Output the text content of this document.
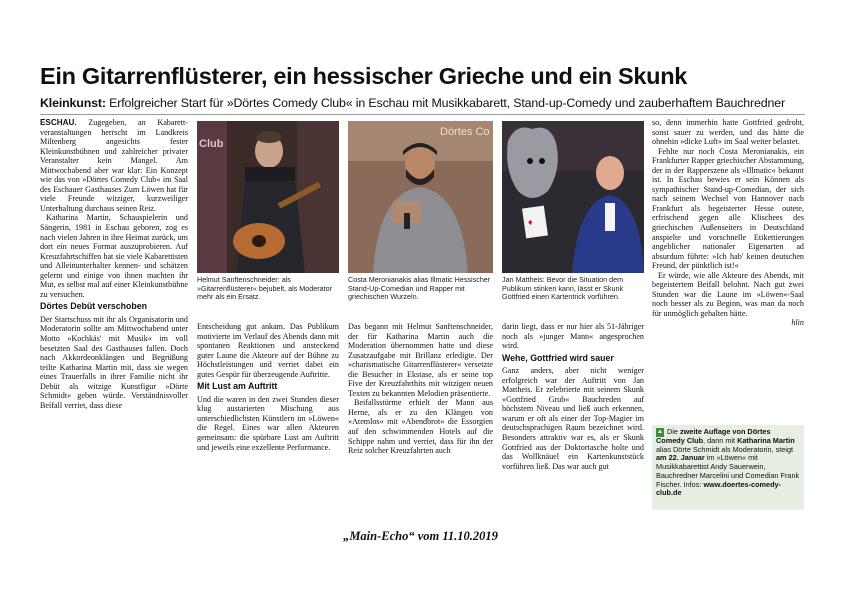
Ein Gitarrenflüsterer, ein hessischer Grieche und ein Skunk
Kleinkunst: Erfolgreicher Start für »Dörtes Comedy Club« in Eschau mit Musikkabarett, Stand-up-Comedy und zauberhaftem Bauchredner

ESCHAU. Zugegeben, an Kabarett-veranstaltungen herrscht im Landkreis Miltenberg angesichts fester Kleinkunstbühnen und zahlreicher privater Veranstalter kein Mangel. Am Mittwochabend aber war klar: Ein Konzept wie das von »Dörtes Comedy Club« im Saal des Eschauer Gasthauses Zum Löwen hat für viele Freunde witziger, kurzweiliger Unterhaltung durchaus seinen Reiz.

Katharina Martin, Schauspielerin und Sängerin, 1981 in Eschau geboren, zog es nach vielen Jahren in ihre Heimat zurück, um dort ein neues Format auszuprobieren. Auf Kreuzfahrtschiffen hat sie viele Kabarettisten und Alleinunterhalter kennen- und schätzen gelernt und einige von ihnen machten ihr Mut, es selbst mal auf einer Kleinkunstbühne zu versuchen.

Dörtes Debüt verschoben

Der Startschuss mit ihr als Organisatorin und Moderatorin sollte am Mittwochabend unter Motto »Kochkäs' mit Musik« im voll besetzten Saal des Gasthauses fallen. Doch nach Akkordeonklängen und Begrüßung teilte Katharina Martin mit, dass sie wegen eines Trauerfalls in ihrer Familie nicht ihr Debüt als witzige Kunstfigur »Dörte Schmidt« geben würde. Verständnisvoller Beifall verriet, dass diese

Club
Helmut Sanftenschneider: als »Gitarrenflüsterer« bejubelt, als Moderator mehr als ein Ersatz.
Dörtes Co
Costa Meronianakis alias Illmatic Hessischer Stand-Up-Comedian und Rapper mit griechischen Wurzeln.
♦
Jan Mattheis: Bevor die Situation dem Publikum stinken kann, lässt er Skunk Gottfried einen Kartentrick vorführen.

Entscheidung gut ankam. Das Publikum motivierte im Verlauf des Abends dann mit spontanen Reaktionen und ansteckend guter Laune die Akteure auf der Bühne zu Höchstleistungen und verriet dabei ein gutes Gespür für überzeugende Auftritte.

Mit Lust am Auftritt

Und die waren in den zwei Stunden dieser klug austarierten Mischung aus unterschiedlichsten Künstlern im »Löwen« die Regel. Eines war allen Akteuren gemeinsam: die spürbare Lust am Auftritt und jeweils eine exzellente Performance.

Das begann mit Helmut Sanftenschneider, der für Katharina Martin auch die Moderation übernommen hatte und diese Zusatzaufgabe mit Brillanz erledigte. Der »charismatische Gitarrenflüsterer« versetzte die Besucher in Ekstase, als er seine top Five der Kreuzfahrthits mit witzigen neuen Texten zu bekannten Melodien präsentierte.

Beifallsstürme erhielt der Mann aus Herne, als er zu den Klängen von »Atemlos« mit »Abendbrot« die Essorgien auf den schwimmenden Hotels auf die Schippe nahm und verriet, dass für ihn der Reiz solcher Kreuzfahrten auch

darin liegt, dass er nur hier als 51-Jähriger noch als »junger Mann« angesprochen wird.

Wehe, Gottfried wird sauer

Ganz anders, aber nicht weniger erfolgreich war der Auftritt von Jan Mattheis. Er zelebrierte mit seinem Skunk »Gottfried Grub« Bauchreden auf höchstem Niveau und ließ auch erkennen, warum er oft als einer der Top-Magier im deutschsprachigen Raum bezeichnet wird. Besonders attraktiv war es, als er Skunk Gottfried aus der Doktortasche holte und das Wollknäuel ein Kartenkunststück vorführen ließ. Das war auch gut

so, denn immerhin hatte Gottfried gedroht, sonst sauer zu werden, und das hätte die ohnehin »dicke Luft« im Saal weiter belastet.

Fehlte nur noch Costa Meronianakis, ein Frankfurter Rapper griechischer Abstammung, der in der Rapperszene als »Illmatic« bekannt ist. In Eschau bewies er sein Können als sympathischer Stand-up-Comedian, der sich nach seinem Wechsel von Hannover nach Frankfurt als begeisterter Hesse outete, erfrischend gegen alle Klischees des griechischen Außenseiters in Deutschland anspielte und vorschnelle Etikettierungen angeblicher nationaler Eigenarten ad absurdum führte: »Ich hab' keinen deutschen Freund, der pünktlich ist!«

Er würde, wie alle Akteure des Abends, mit begeistertem Beifall belohnt. Nach gut zwei Stunden war die Laune im »Löwen«-Saal noch besser als zu Beginn, was man da noch für unmöglich gehalten hätte.

hlin

▲ Die zweite Auflage von Dörtes Comedy Club, dann mit Katharina Martin alias Dörte Schmidt als Moderatorin, steigt am 22. Januar im »Löwen« mit Musikkabarettist Andy Sauerwein, Bauchredner Marcelini und Comedian Frank Fischer. Infos: www.doertes-comedy-club.de
„Main-Echo“ vom 11.10.2019
